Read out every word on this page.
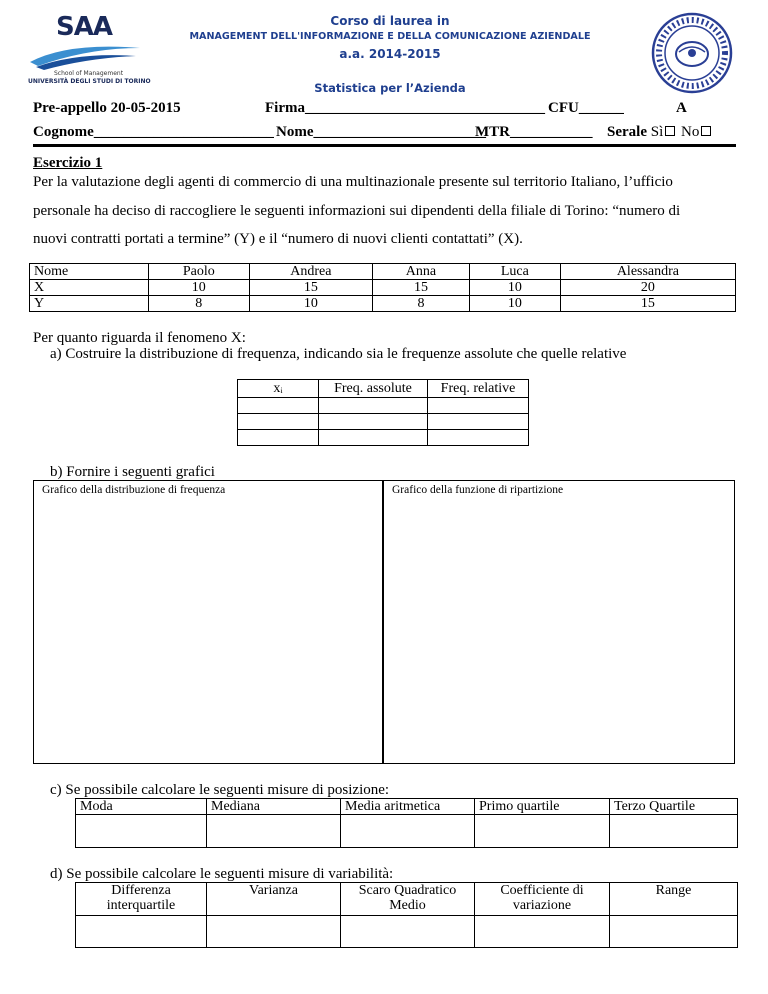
SAA
School of Management
UNIVERSITÀ DEGLI STUDI DI TORINO
Corso di laurea in
MANAGEMENT DELL'INFORMAZIONE E DELLA COMUNICAZIONE AZIENDALE
a.a. 2014-2015
Statistica per l’Azienda
Pre-appello 20-05-2015	Firma________________________________ CFU______	A
Cognome________________________ Nome_______________________
MTR___________ Serale Sì No
Esercizio 1
Per la valutazione degli agenti di commercio di una multinazionale presente sul territorio Italiano, l’ufficio
personale ha deciso di raccogliere le seguenti informazioni sui dipendenti della filiale di Torino: “numero di
nuovi contratti portati a termine” (Y) e il “numero di nuovi clienti contattati” (X).
Nome	Paolo	Andrea	Anna	Luca	Alessandra
X	10	15	15	10	20
Y	8	10	8	10	15
Per quanto riguarda il fenomeno X:
a) Costruire la distribuzione di frequenza, indicando sia le frequenze assolute che quelle relative
xᵢ	Freq. assolute	Freq. relative

b) Fornire i seguenti grafici
Grafico della distribuzione di frequenza	Grafico della funzione di ripartizione
c) Se possibile calcolare le seguenti misure di posizione:
Moda	Mediana	Media aritmetica	Primo quartile	Terzo Quartile

d) Se possibile calcolare le seguenti misure di variabilità:
Differenza interquartile	Varianza	Scaro Quadratico Medio	Coefficiente di variazione	Range
